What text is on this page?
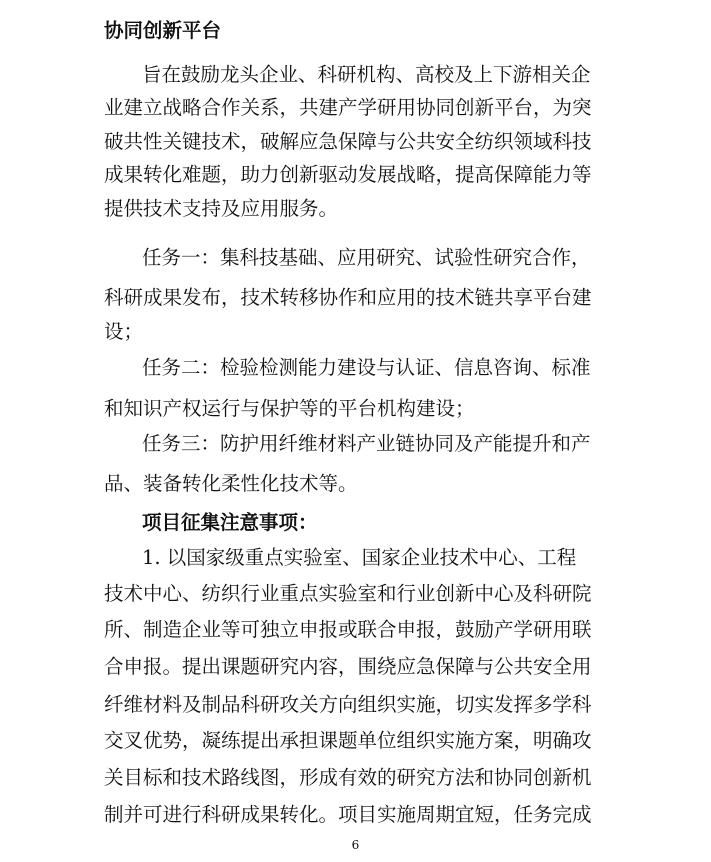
协同创新平台
旨在鼓励龙头企业、科研机构、高校及上下游相关企
业建立战略合作关系，共建产学研用协同创新平台，为突
破共性关键技术，破解应急保障与公共安全纺织领域科技
成果转化难题，助力创新驱动发展战略，提高保障能力等
提供技术支持及应用服务。
任务一：集科技基础、应用研究、试验性研究合作，
科研成果发布，技术转移协作和应用的技术链共享平台建
设；
任务二：检验检测能力建设与认证、信息咨询、标准
和知识产权运行与保护等的平台机构建设；
任务三：防护用纤维材料产业链协同及产能提升和产
品、装备转化柔性化技术等。
项目征集注意事项：
1. 以国家级重点实验室、国家企业技术中心、工程
技术中心、纺织行业重点实验室和行业创新中心及科研院
所、制造企业等可独立申报或联合申报，鼓励产学研用联
合申报。提出课题研究内容，围绕应急保障与公共安全用
纤维材料及制品科研攻关方向组织实施，切实发挥多学科
交叉优势，凝练提出承担课题单位组织实施方案，明确攻
关目标和技术路线图，形成有效的研究方法和协同创新机
制并可进行科研成果转化。项目实施周期宜短，任务完成
6
